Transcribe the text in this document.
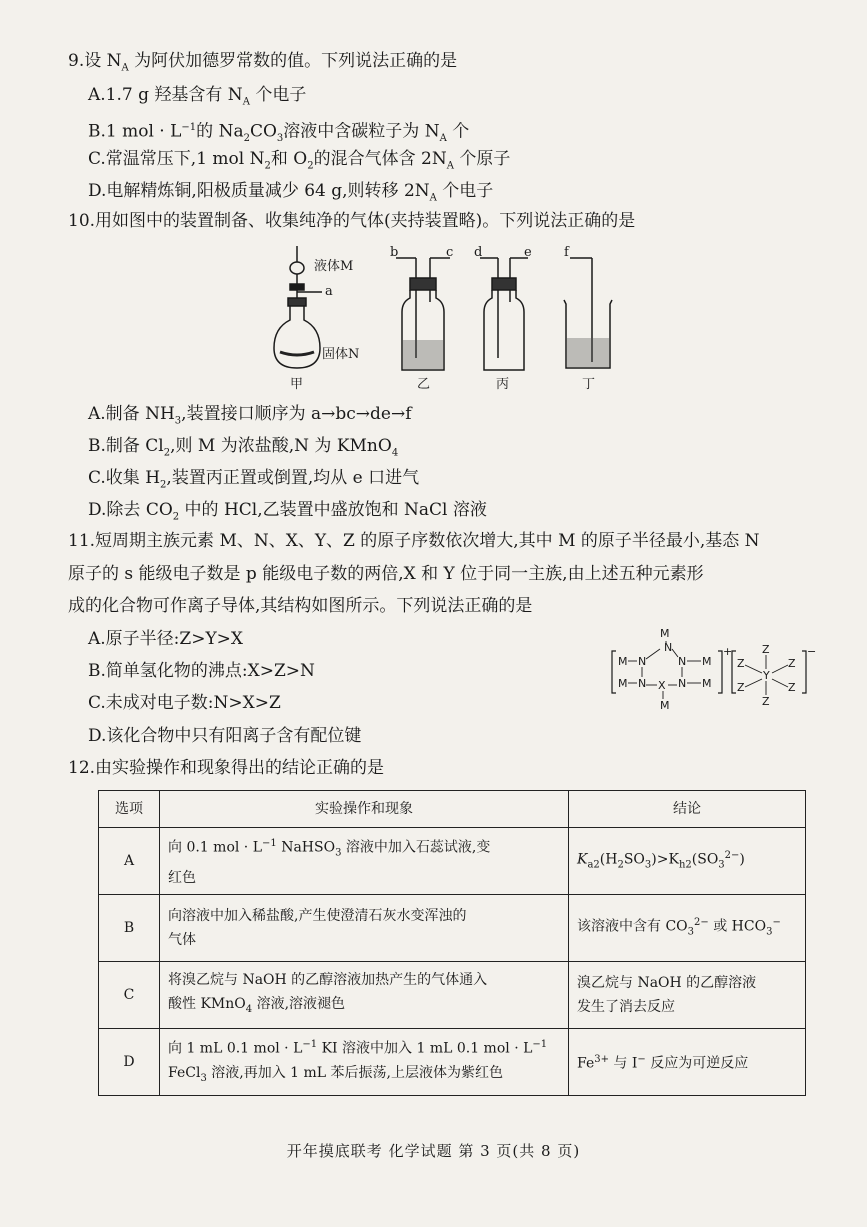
9.设 $N_A$ 为阿伏加德罗常数的值。下列说法正确的是
A.1.7 g 羟基含有 $N_A$ 个电子
B.1 mol · $L^{-1}$的 $Na_2CO_3$溶液中含碳粒子为 $N_A$ 个
C.常温常压下,1 mol $N_2$和 $O_2$的混合气体含 $2N_A$ 个原子
D.电解精炼铜,阳极质量减少 64 g,则转移 $2N_A$ 个电子
10.用如图中的装置制备、收集纯净的气体(夹持装置略)。下列说法正确的是
液体M
a
固体N
甲
b	c
乙
d	e
丙
f
丁
A.制备 $NH_3$,装置接口顺序为 a→bc→de→f
B.制备 $Cl_2$,则 M 为浓盐酸,N 为 KMnO$_4$
C.收集 $H_2$,装置丙正置或倒置,均从 e 口进气
D.除去 $CO_2$ 中的 HCl,乙装置中盛放饱和 NaCl 溶液
11.短周期主族元素 M、N、X、Y、Z 的原子序数依次增大,其中 M 的原子半径最小,基态 N
原子的 s 能级电子数是 p 能级电子数的两倍,X 和 Y 位于同一主族,由上述五种元素形
成的化合物可作离子导体,其结构如图所示。下列说法正确的是
A.原子半径:Z>Y>X
B.简单氢化物的沸点:X>Z>N
C.未成对电子数:N>X>Z
D.该化合物中只有阳离子含有配位键
+
M
N
M N	N M
M N X N M
M
−
Z
Z	Z
Y
Z	Z
Z
12.由实验操作和现象得出的结论正确的是
选项	实验操作和现象	结论
A	向 0.1 mol · $L^{-1}$ NaHSO$_3$ 溶液中加入石蕊试液,变
红色	$K_{a2}(H_2SO_3)>K_{h2}(SO_3^{2-})$
B	向溶液中加入稀盐酸,产生使澄清石灰水变浑浊的
气体	该溶液中含有 $CO_3^{2-}$ 或 $HCO_3^-$
C	将溴乙烷与 NaOH 的乙醇溶液加热产生的气体通入
酸性 KMnO$_4$ 溶液,溶液褪色	溴乙烷与 NaOH 的乙醇溶液
发生了消去反应
D	向 1 mL 0.1 mol · $L^{-1}$ KI 溶液中加入 1 mL 0.1 mol · $L^{-1}$
FeCl$_3$ 溶液,再加入 1 mL 苯后振荡,上层液体为紫红色	$Fe^{3+}$ 与 I− 反应为可逆反应
开年摸底联考 化学试题 第 3 页(共 8 页)
